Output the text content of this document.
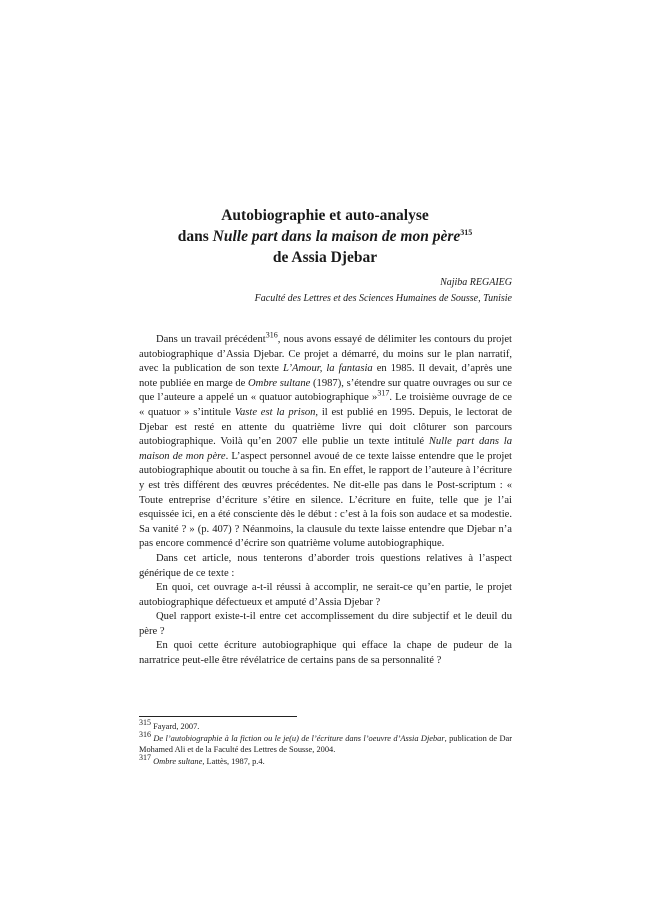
Autobiographie et auto-analyse
dans Nulle part dans la maison de mon père$^{315}$
de Assia Djebar
Najiba REGAIEG
Faculté des Lettres et des Sciences Humaines de Sousse, Tunisie

Dans un travail précédent$^{316}$, nous avons essayé de délimiter les contours du projet autobiographique d’Assia Djebar. Ce projet a démarré, du moins sur le plan narratif, avec la publication de son texte L’Amour, la fantasia en 1985. Il devait, d’après une note publiée en marge de Ombre sultane (1987), s’étendre sur quatre ouvrages ou sur ce que l’auteure a appelé un « quatuor autobiographique »$^{317}$. Le troisième ouvrage de ce « quatuor » s’intitule Vaste est la prison, il est publié en 1995. Depuis, le lectorat de Djebar est resté en attente du quatrième livre qui doit clôturer son parcours autobiographique. Voilà qu’en 2007 elle publie un texte intitulé Nulle part dans la maison de mon père. L’aspect personnel avoué de ce texte laisse entendre que le projet autobiographique aboutit ou touche à sa fin. En effet, le rapport de l’auteure à l’écriture y est très différent des œuvres précédentes. Ne dit-elle pas dans le Post-scriptum : « Toute entreprise d’écriture s’étire en silence. L’écriture en fuite, telle que je l’ai esquissée ici, en a été consciente dès le début : c’est à la fois son audace et sa modestie. Sa vanité ? » (p. 407) ? Néanmoins, la clausule du texte laisse entendre que Djebar n’a pas encore commencé d’écrire son quatrième volume autobiographique.

Dans cet article, nous tenterons d’aborder trois questions relatives à l’aspect générique de ce texte :

En quoi, cet ouvrage a-t-il réussi à accomplir, ne serait-ce qu’en partie, le projet autobiographique défectueux et amputé d’Assia Djebar ?

Quel rapport existe-t-il entre cet accomplissement du dire subjectif et le deuil du père ?

En quoi cette écriture autobiographique qui efface la chape de pudeur de la narratrice peut-elle être révélatrice de certains pans de sa personnalité ?

315 Fayard, 2007.
316 De l’autobiographie à la fiction ou le je(u) de l’écriture dans l’oeuvre d’Assia Djebar, publication de Dar Mohamed Ali et de la Faculté des Lettres de Sousse, 2004.
317 Ombre sultane, Lattès, 1987, p.4.
